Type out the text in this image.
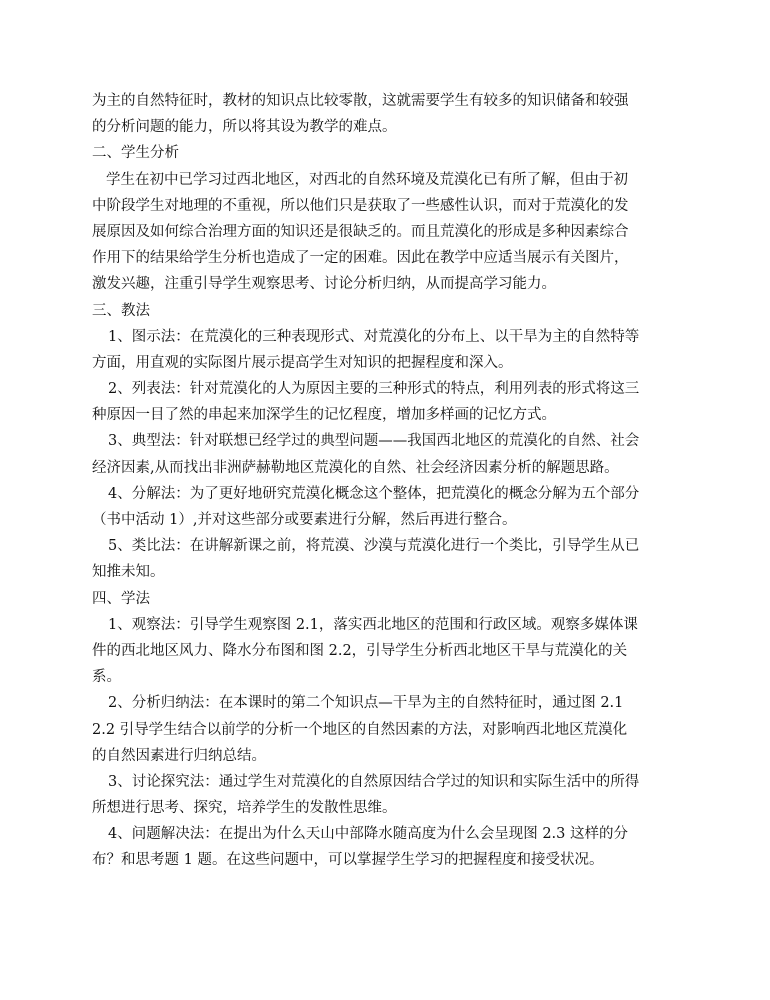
为主的自然特征时，教材的知识点比较零散，这就需要学生有较多的知识储备和较强
的分析问题的能力，所以将其设为教学的难点。
二、学生分析
学生在初中已学习过西北地区，对西北的自然环境及荒漠化已有所了解，但由于初
中阶段学生对地理的不重视，所以他们只是获取了一些感性认识，而对于荒漠化的发
展原因及如何综合治理方面的知识还是很缺乏的。而且荒漠化的形成是多种因素综合
作用下的结果给学生分析也造成了一定的困难。因此在教学中应适当展示有关图片，
激发兴趣，注重引导学生观察思考、讨论分析归纳，从而提高学习能力。
三、教法
1、图示法：在荒漠化的三种表现形式、对荒漠化的分布上、以干旱为主的自然特等
方面，用直观的实际图片展示提高学生对知识的把握程度和深入。
2、列表法：针对荒漠化的人为原因主要的三种形式的特点，利用列表的形式将这三
种原因一目了然的串起来加深学生的记忆程度，增加多样画的记忆方式。
3、典型法：针对联想已经学过的典型问题——我国西北地区的荒漠化的自然、社会
经济因素,从而找出非洲萨赫勒地区荒漠化的自然、社会经济因素分析的解题思路。
4、分解法：为了更好地研究荒漠化概念这个整体，把荒漠化的概念分解为五个部分
（书中活动 1）,并对这些部分或要素进行分解，然后再进行整合。
5、类比法：在讲解新课之前，将荒漠、沙漠与荒漠化进行一个类比，引导学生从已
知推未知。
四、学法
1、观察法：引导学生观察图 2.1，落实西北地区的范围和行政区域。观察多媒体课
件的西北地区风力、降水分布图和图 2.2，引导学生分析西北地区干旱与荒漠化的关
系。
2、分析归纳法：在本课时的第二个知识点—干旱为主的自然特征时，通过图 2.1
2.2 引导学生结合以前学的分析一个地区的自然因素的方法，对影响西北地区荒漠化
的自然因素进行归纳总结。
3、讨论探究法：通过学生对荒漠化的自然原因结合学过的知识和实际生活中的所得
所想进行思考、探究，培养学生的发散性思维。
4、问题解决法：在提出为什么天山中部降水随高度为什么会呈现图 2.3 这样的分
布？和思考题 1 题。在这些问题中，可以掌握学生学习的把握程度和接受状况。
